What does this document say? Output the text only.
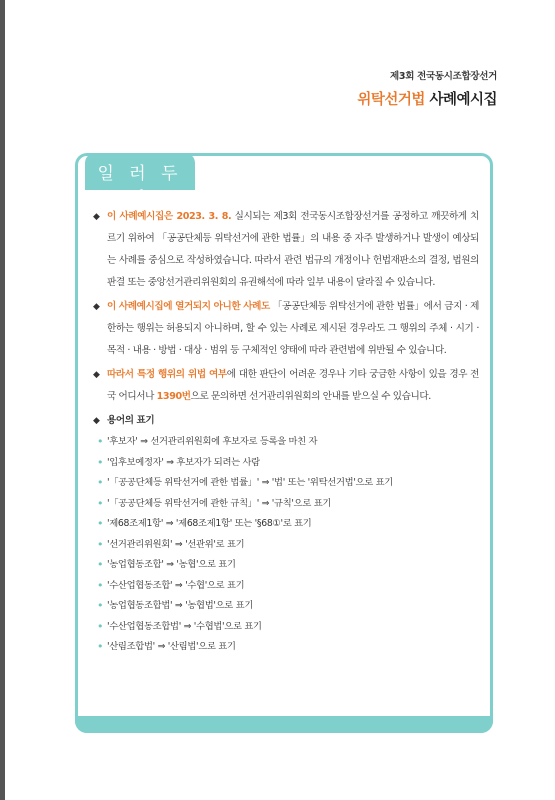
제3회 전국동시조합장선거
위탁선거법 사례예시집
일 러 두 기
◆ 이 사례예시집은 2023. 3. 8. 실시되는 제3회 전국동시조합장선거를 공정하고 깨끗하게 치르기 위하여 「공공단체등 위탁선거에 관한 법률」의 내용 중 자주 발생하거나 발생이 예상되는 사례를 중심으로 작성하였습니다. 따라서 관련 법규의 개정이나 헌법재판소의 결정, 법원의 판결 또는 중앙선거관리위원회의 유권해석에 따라 일부 내용이 달라질 수 있습니다.
◆ 이 사례예시집에 열거되지 아니한 사례도 「공공단체등 위탁선거에 관한 법률」에서 금지 · 제한하는 행위는 허용되지 아니하며, 할 수 있는 사례로 제시된 경우라도 그 행위의 주체 · 시기 · 목적 · 내용 · 방법 · 대상 · 범위 등 구체적인 양태에 따라 관련법에 위반될 수 있습니다.
◆ 따라서 특정 행위의 위법 여부에 대한 판단이 어려운 경우나 기타 궁금한 사항이 있을 경우 전국 어디서나 1390번으로 문의하면 선거관리위원회의 안내를 받으실 수 있습니다.
◆ 용어의 표기
• '후보자' ⇒ 선거관리위원회에 후보자로 등록을 마친 자
• '입후보예정자' ⇒ 후보자가 되려는 사람
• '「공공단체등 위탁선거에 관한 법률」' ⇒ '법' 또는 '위탁선거법'으로 표기
• '「공공단체등 위탁선거에 관한 규칙」' ⇒ '규칙'으로 표기
• '제68조제1항' ⇒ '제68조제1항' 또는 '§68①'로 표기
• '선거관리위원회' ⇒ '선관위'로 표기
• '농업협동조합' ⇒ '농협'으로 표기
• '수산업협동조합' ⇒ '수협'으로 표기
• '농업협동조합법' ⇒ '농협법'으로 표기
• '수산업협동조합법' ⇒ '수협법'으로 표기
• '산림조합법' ⇒ '산림법'으로 표기
